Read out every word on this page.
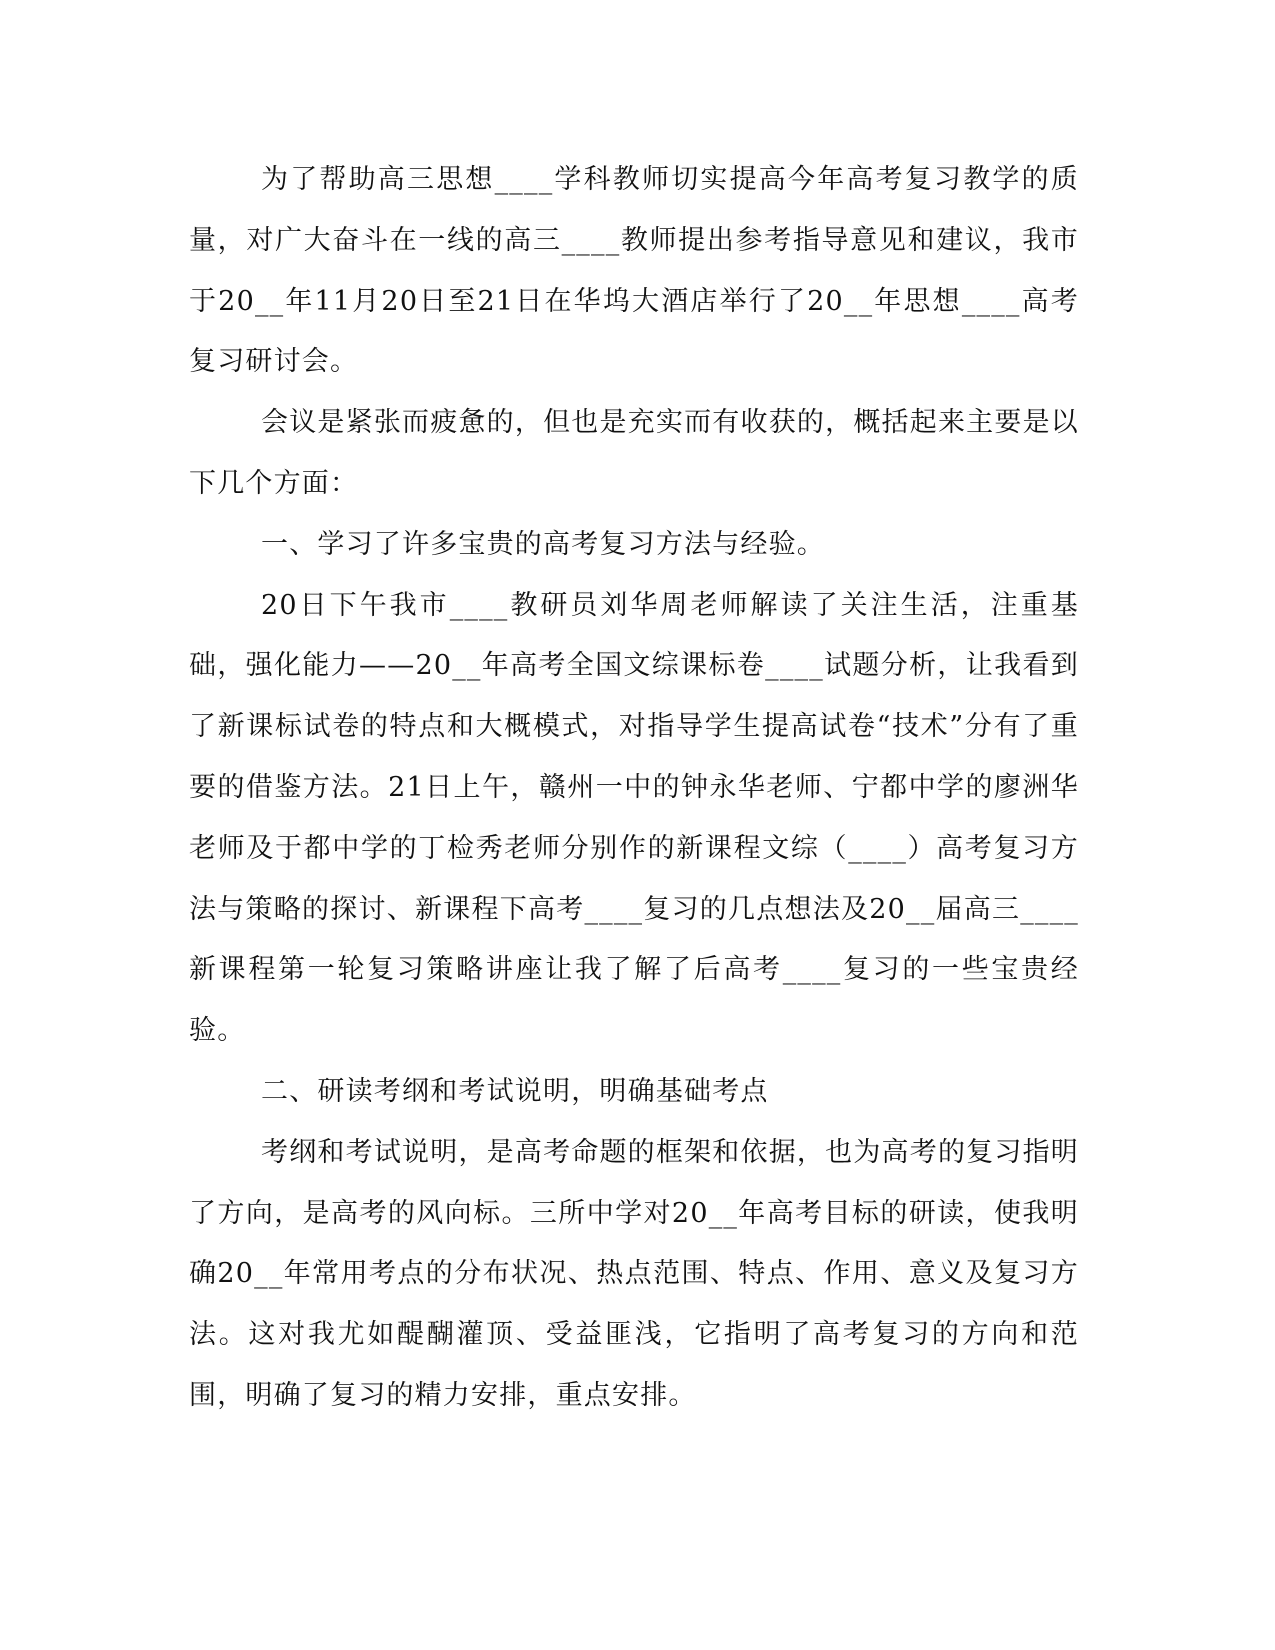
为了帮助高三思想____学科教师切实提高今年高考复习教学的质量，对广大奋斗在一线的高三____教师提出参考指导意见和建议，我市于20__年11月20日至21日在华坞大酒店举行了20__年思想____高考复习研讨会。

会议是紧张而疲惫的，但也是充实而有收获的，概括起来主要是以下几个方面：

一、学习了许多宝贵的高考复习方法与经验。

20日下午我市____教研员刘华周老师解读了关注生活，注重基础，强化能力——20__年高考全国文综课标卷____试题分析，让我看到了新课标试卷的特点和大概模式，对指导学生提高试卷“技术”分有了重要的借鉴方法。21日上午，赣州一中的钟永华老师、宁都中学的廖洲华老师及于都中学的丁检秀老师分别作的新课程文综（____）高考复习方法与策略的探讨、新课程下高考____复习的几点想法及20__届高三____新课程第一轮复习策略讲座让我了解了后高考____复习的一些宝贵经验。

二、研读考纲和考试说明，明确基础考点

考纲和考试说明，是高考命题的框架和依据，也为高考的复习指明了方向，是高考的风向标。三所中学对20__年高考目标的研读，使我明确20__年常用考点的分布状况、热点范围、特点、作用、意义及复习方法。这对我尤如醍醐灌顶、受益匪浅，它指明了高考复习的方向和范围，明确了复习的精力安排，重点安排。
